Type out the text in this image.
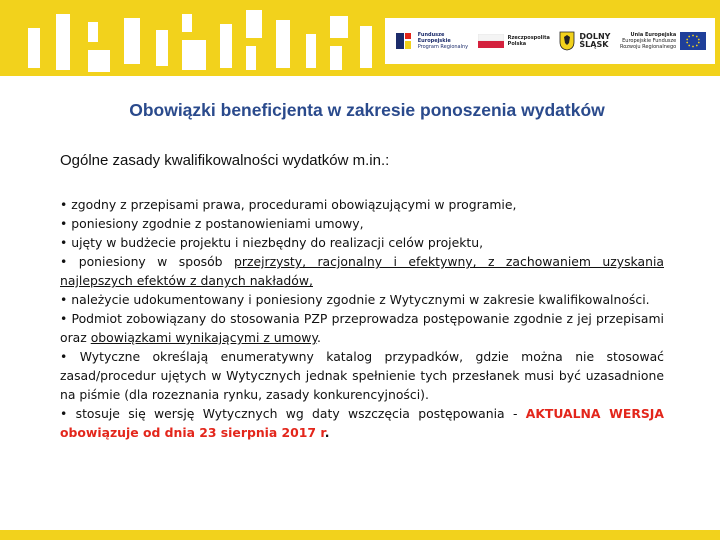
Fundusze
Europejskie
Program Regionalny
Rzeczpospolita
Polska
DOLNY
ŚLĄSK
Unia Europejska
Europejskie Fundusze
Rozwoju Regionalnego
Obowiązki beneficjenta w zakresie ponoszenia wydatków
Ogólne zasady kwalifikowalności wydatków m.in.:

• zgodny z przepisami prawa, procedurami obowiązującymi w programie,

• poniesiony zgodnie z postanowieniami umowy,

• ujęty w budżecie projektu i niezbędny do realizacji celów projektu,

• poniesiony w sposób przejrzysty, racjonalny i efektywny, z zachowaniem uzyskania najlepszych efektów z danych nakładów,

• należycie udokumentowany i poniesiony zgodnie z Wytycznymi w zakresie kwalifikowalności.

• Podmiot zobowiązany do stosowania PZP przeprowadza postępowanie zgodnie z jej przepisami oraz obowiązkami wynikającymi z umowy.

• Wytyczne określają enumeratywny katalog przypadków, gdzie można nie stosować zasad/procedur ujętych w Wytycznych jednak spełnienie tych przesłanek musi być uzasadnione na piśmie (dla rozeznania rynku, zasady konkurencyjności).

• stosuje się wersję Wytycznych wg daty wszczęcia postępowania - AKTUALNA WERSJA obowiązuje od dnia 23 sierpnia 2017 r.
